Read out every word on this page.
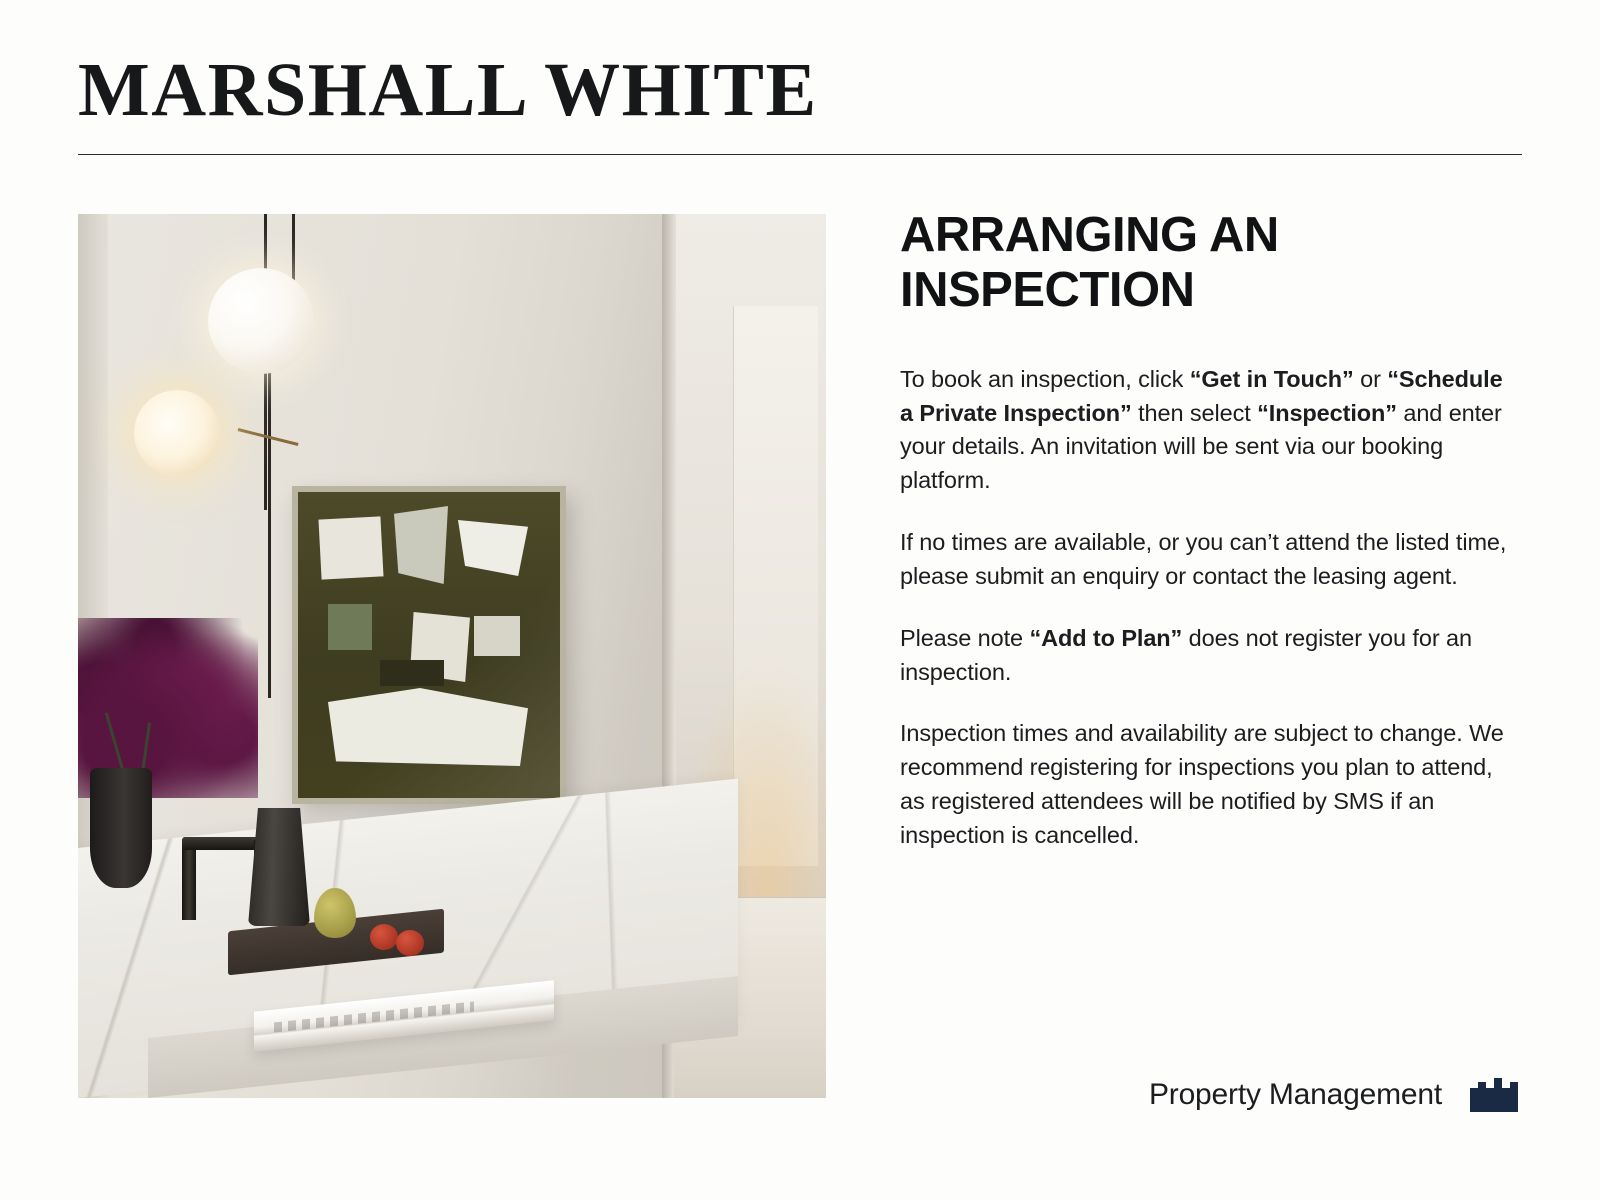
MARSHALL WHITE
ARRANGING AN INSPECTION

To book an inspection, click “Get in Touch” or “Schedule a Private Inspection” then select “Inspection” and enter your details. An invitation will be sent via our booking platform.

If no times are available, or you can’t attend the listed time, please submit an enquiry or contact the leasing agent.

Please note “Add to Plan” does not register you for an inspection.

Inspection times and availability are subject to change. We recommend registering for inspections you plan to attend, as registered attendees will be notified by SMS if an inspection is cancelled.

Property Management
